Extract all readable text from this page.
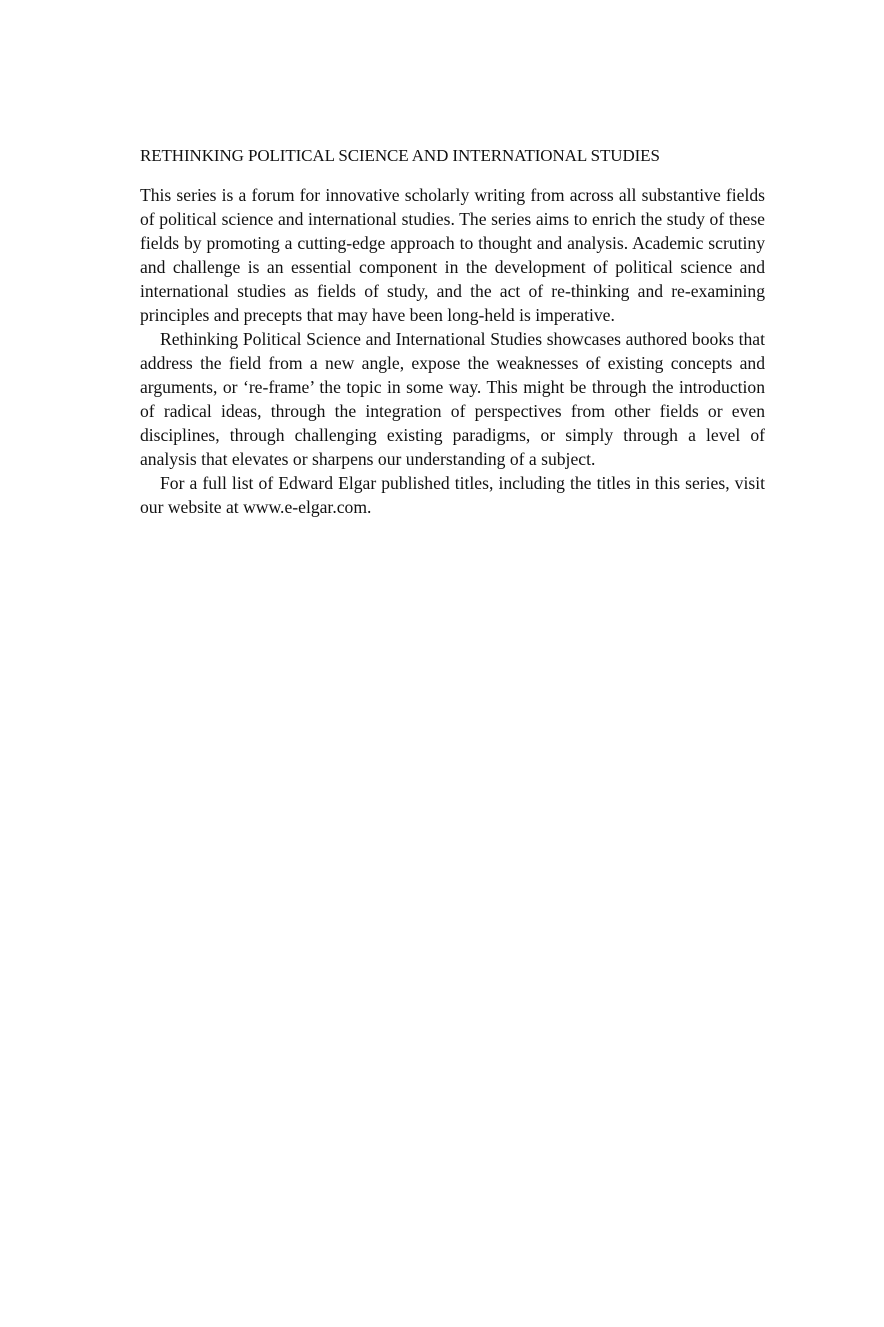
RETHINKING POLITICAL SCIENCE AND INTERNATIONAL STUDIES

This series is a forum for innovative scholarly writing from across all substantive fields of political science and international studies. The series aims to enrich the study of these fields by promoting a cutting-edge approach to thought and analysis. Academic scrutiny and challenge is an essential component in the development of political science and international studies as fields of study, and the act of re-thinking and re-examining principles and precepts that may have been long-held is imperative.

Rethinking Political Science and International Studies showcases authored books that address the field from a new angle, expose the weaknesses of existing concepts and arguments, or ‘re-frame’ the topic in some way. This might be through the introduction of radical ideas, through the integration of perspectives from other fields or even disciplines, through challenging existing paradigms, or simply through a level of analysis that elevates or sharpens our understanding of a subject.

For a full list of Edward Elgar published titles, including the titles in this series, visit our website at www.e-elgar.com.
